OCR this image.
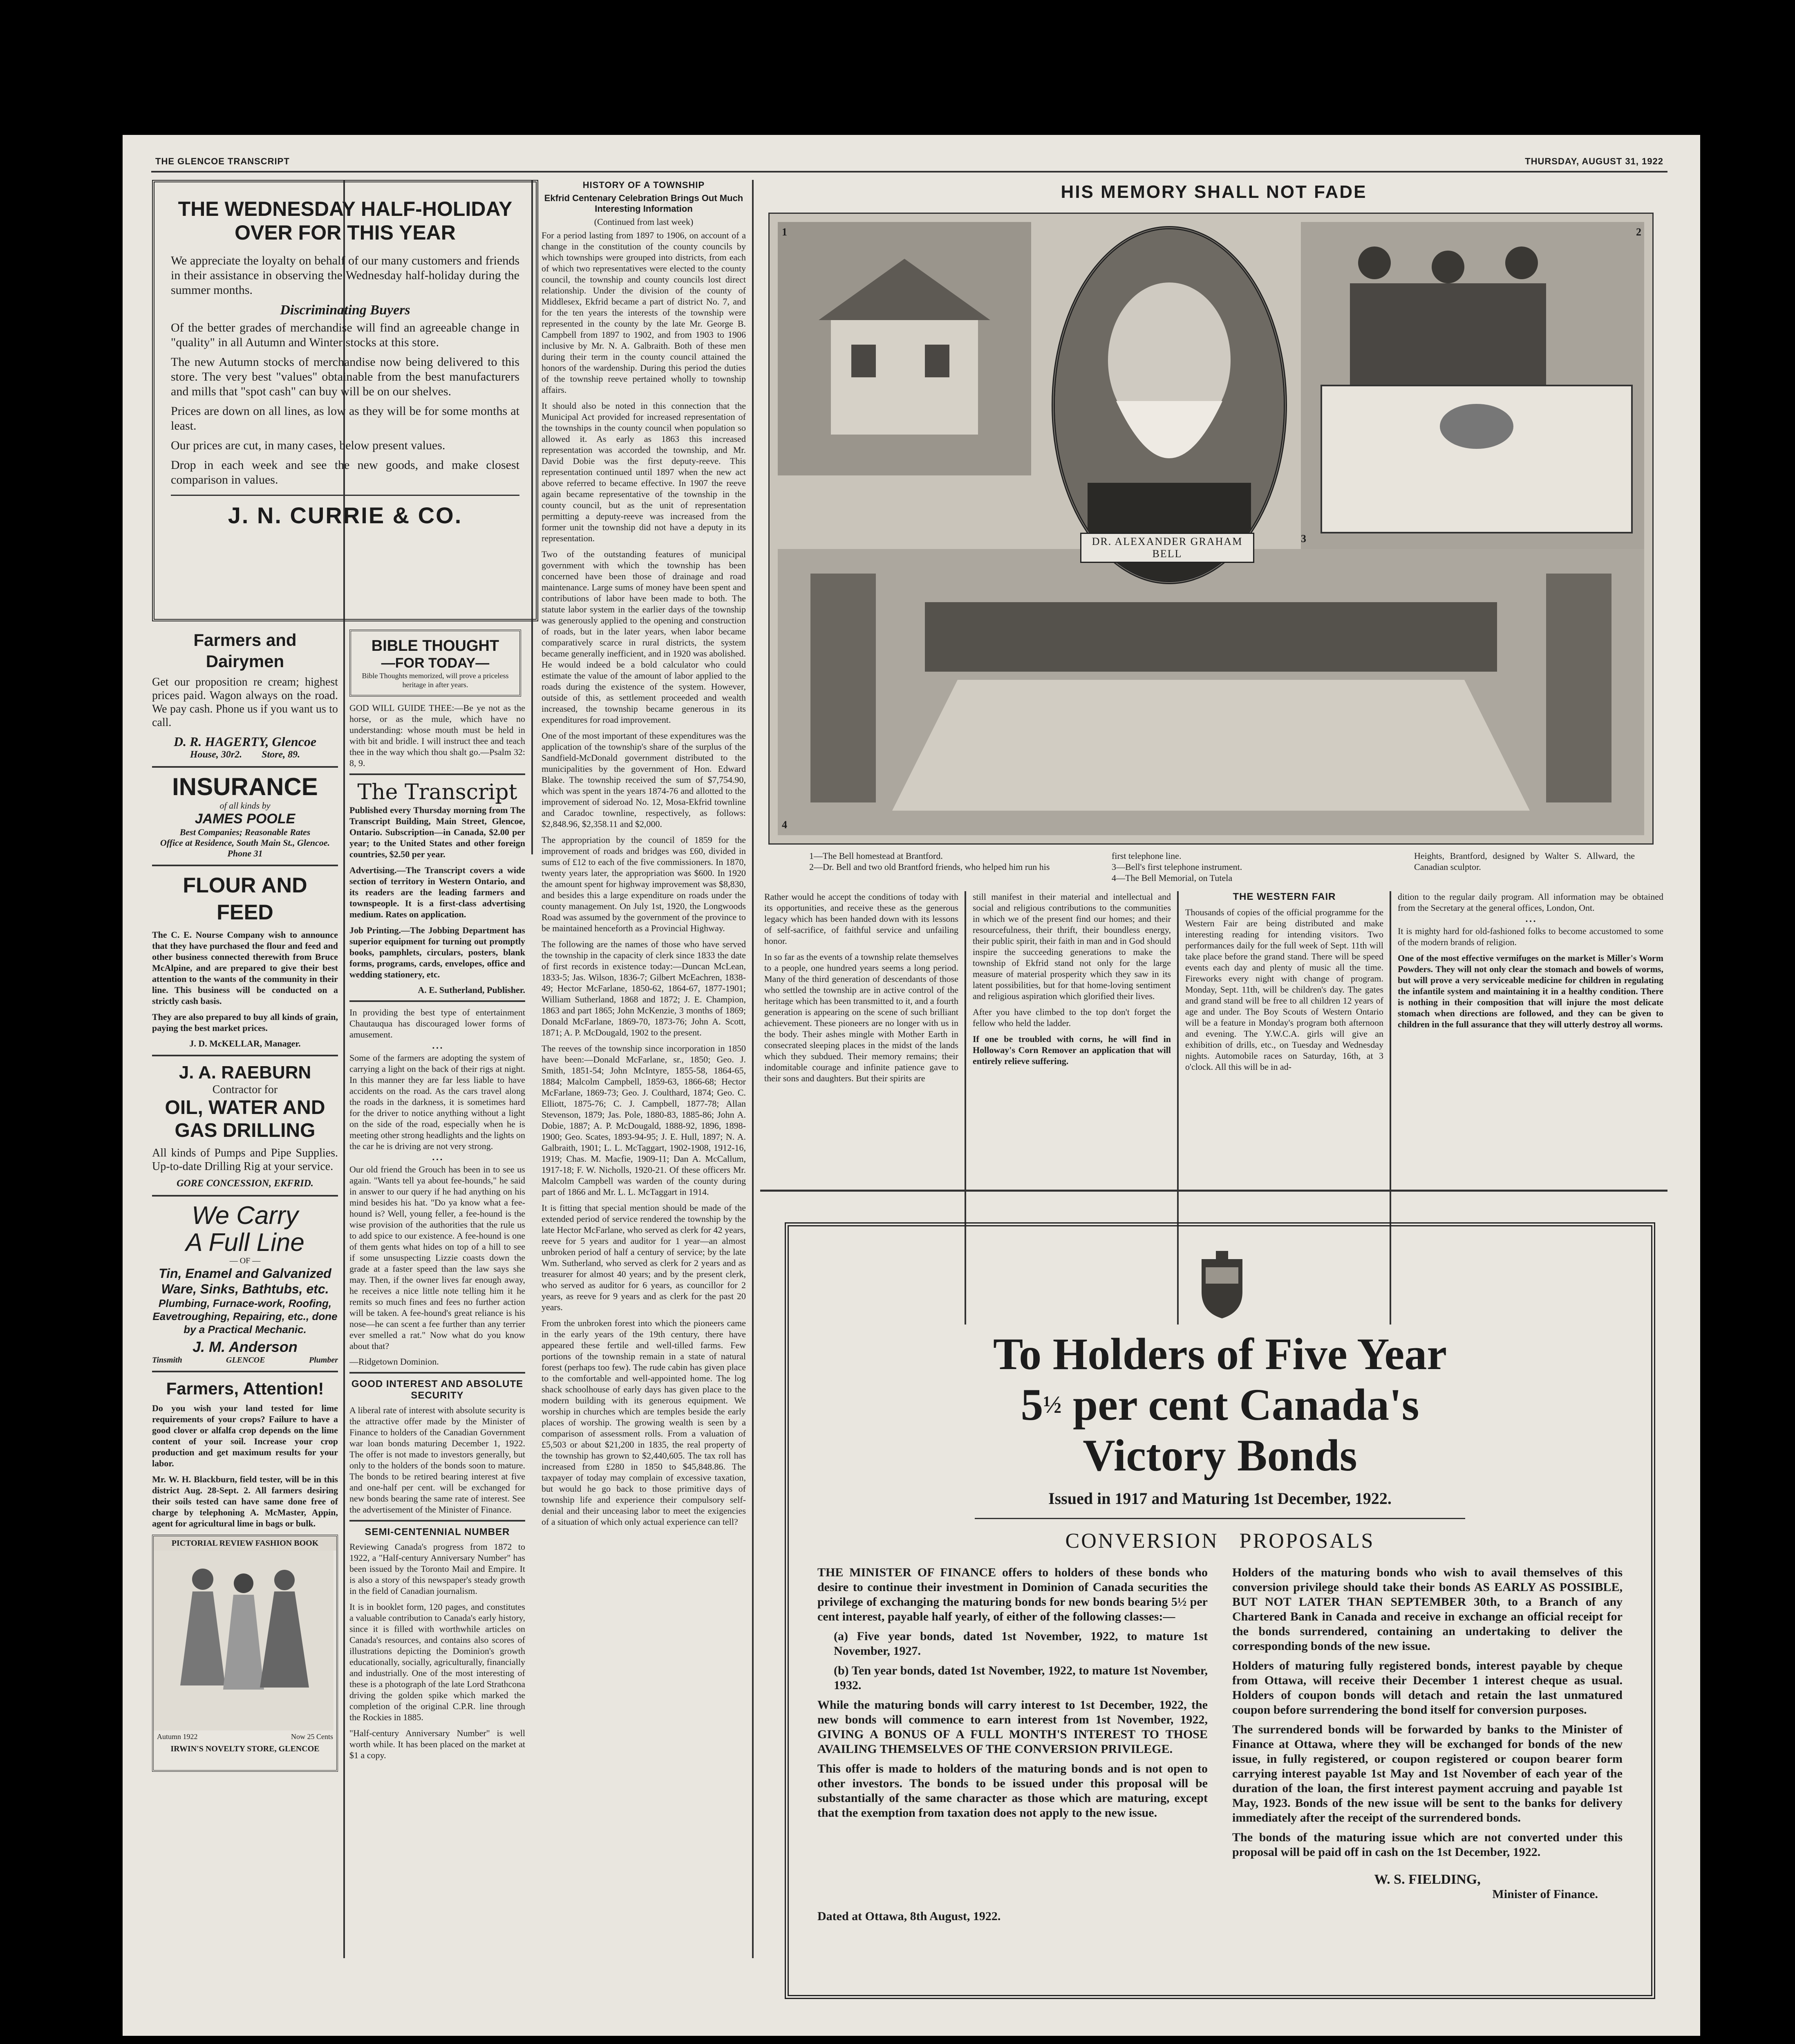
THE GLENCOE TRANSCRIPT	THURSDAY, AUGUST 31, 1922
THE WEDNESDAY HALF-HOLIDAY
OVER FOR THIS YEAR

We appreciate the loyalty on behalf of our many customers and friends in their assistance in observing the Wednesday half-holiday during the summer months.

Discriminating Buyers

Of the better grades of merchandise will find an agreeable change in "quality" in all Autumn and Winter stocks at this store.

The new Autumn stocks of merchandise now being delivered to this store. The very best "values" obtainable from the best manufacturers and mills that "spot cash" can buy will be on our shelves.

Prices are down on all lines, as low as they will be for some months at least.

Our prices are cut, in many cases, below present values.

Drop in each week and see the new goods, and make closest comparison in values.

J. N. CURRIE & CO.
Farmers and Dairymen

Get our proposition re cream; highest prices paid. Wagon always on the road. We pay cash. Phone us if you want us to call.

D. R. HAGERTY, Glencoe
House, 30r2.        Store, 89.
INSURANCE
of all kinds by
JAMES POOLE
Best Companies; Reasonable Rates
Office at Residence, South Main St., Glencoe. Phone 31
FLOUR AND FEED

The C. E. Nourse Company wish to announce that they have purchased the flour and feed and other business connected therewith from Bruce McAlpine, and are prepared to give their best attention to the wants of the community in their line. This business will be conducted on a strictly cash basis.

They are also prepared to buy all kinds of grain, paying the best market prices.

J. D. McKELLAR, Manager.
J. A. RAEBURN
Contractor for
OIL, WATER AND GAS DRILLING

All kinds of Pumps and Pipe Supplies. Up-to-date Drilling Rig at your service.

GORE CONCESSION, EKFRID.
We Carry
A Full Line
— OF —
Tin, Enamel and Galvanized Ware, Sinks, Bathtubs, etc.
Plumbing, Furnace-work, Roofing, Eavetroughing, Repairing, etc., done by a Practical Mechanic.
J. M. Anderson
Tinsmith	GLENCOE	Plumber
Farmers, Attention!

Do you wish your land tested for lime requirements of your crops? Failure to have a good clover or alfalfa crop depends on the lime content of your soil. Increase your crop production and get maximum results for your labor.

Mr. W. H. Blackburn, field tester, will be in this district Aug. 28-Sept. 2. All farmers desiring their soils tested can have same done free of charge by telephoning A. McMaster, Appin, agent for agricultural lime in bags or bulk.

PICTORIAL REVIEW FASHION BOOK
Autumn 1922	Now 25 Cents
IRWIN'S NOVELTY STORE, GLENCOE
BIBLE THOUGHT
—FOR TODAY—
Bible Thoughts memorized, will prove a priceless heritage in after years.

GOD WILL GUIDE THEE:—Be ye not as the horse, or as the mule, which have no understanding: whose mouth must be held in with bit and bridle. I will instruct thee and teach thee in the way which thou shalt go.—Psalm 32: 8, 9.

The Transcript

Published every Thursday morning from The Transcript Building, Main Street, Glencoe, Ontario. Subscription—in Canada, $2.00 per year; to the United States and other foreign countries, $2.50 per year.

Advertising.—The Transcript covers a wide section of territory in Western Ontario, and its readers are the leading farmers and townspeople. It is a first-class advertising medium. Rates on application.

Job Printing.—The Jobbing Department has superior equipment for turning out promptly books, pamphlets, circulars, posters, blank forms, programs, cards, envelopes, office and wedding stationery, etc.

A. E. Sutherland, Publisher.

In providing the best type of entertainment Chautauqua has discouraged lower forms of amusement.

• • •

Some of the farmers are adopting the system of carrying a light on the back of their rigs at night. In this manner they are far less liable to have accidents on the road. As the cars travel along the roads in the darkness, it is sometimes hard for the driver to notice anything without a light on the side of the road, especially when he is meeting other strong headlights and the lights on the car he is driving are not very strong.

• • •

Our old friend the Grouch has been in to see us again. "Wants tell ya about fee-hounds," he said in answer to our query if he had anything on his mind besides his hat. "Do ya know what a fee-hound is? Well, young feller, a fee-hound is the wise provision of the authorities that the rule us to add spice to our existence. A fee-hound is one of them gents what hides on top of a hill to see if some unsuspecting Lizzie coasts down the grade at a faster speed than the law says she may. Then, if the owner lives far enough away, he receives a nice little note telling him it he remits so much fines and fees no further action will be taken. A fee-hound's great reliance is his nose—he can scent a fee further than any terrier ever smelled a rat." Now what do you know about that?

—Ridgetown Dominion.
GOOD INTEREST AND ABSOLUTE SECURITY

A liberal rate of interest with absolute security is the attractive offer made by the Minister of Finance to holders of the Canadian Government war loan bonds maturing December 1, 1922. The offer is not made to investors generally, but only to the holders of the bonds soon to mature. The bonds to be retired bearing interest at five and one-half per cent. will be exchanged for new bonds bearing the same rate of interest. See the advertisement of the Minister of Finance.

SEMI-CENTENNIAL NUMBER

Reviewing Canada's progress from 1872 to 1922, a "Half-century Anniversary Number" has been issued by the Toronto Mail and Empire. It is also a story of this newspaper's steady growth in the field of Canadian journalism.

It is in booklet form, 120 pages, and constitutes a valuable contribution to Canada's early history, since it is filled with worthwhile articles on Canada's resources, and contains also scores of illustrations depicting the Dominion's growth educationally, socially, agriculturally, financially and industrially. One of the most interesting of these is a photograph of the late Lord Strathcona driving the golden spike which marked the completion of the original C.P.R. line through the Rockies in 1885.

"Half-century Anniversary Number" is well worth while. It has been placed on the market at $1 a copy.

HISTORY OF A TOWNSHIP
Ekfrid Centenary Celebration Brings Out Much Interesting Information
(Continued from last week)

For a period lasting from 1897 to 1906, on account of a change in the constitution of the county councils by which townships were grouped into districts, from each of which two representatives were elected to the county council, the township and county councils lost direct relationship. Under the division of the county of Middlesex, Ekfrid became a part of district No. 7, and for the ten years the interests of the township were represented in the county by the late Mr. George B. Campbell from 1897 to 1902, and from 1903 to 1906 inclusive by Mr. N. A. Galbraith. Both of these men during their term in the county council attained the honors of the wardenship. During this period the duties of the township reeve pertained wholly to township affairs.

It should also be noted in this connection that the Municipal Act provided for increased representation of the townships in the county council when population so allowed it. As early as 1863 this increased representation was accorded the township, and Mr. David Dobie was the first deputy-reeve. This representation continued until 1897 when the new act above referred to became effective. In 1907 the reeve again became representative of the township in the county council, but as the unit of representation permitting a deputy-reeve was increased from the former unit the township did not have a deputy in its representation.

Two of the outstanding features of municipal government with which the township has been concerned have been those of drainage and road maintenance. Large sums of money have been spent and contributions of labor have been made to both. The statute labor system in the earlier days of the township was generously applied to the opening and construction of roads, but in the later years, when labor became comparatively scarce in rural districts, the system became generally inefficient, and in 1920 was abolished. He would indeed be a bold calculator who could estimate the value of the amount of labor applied to the roads during the existence of the system. However, outside of this, as settlement proceeded and wealth increased, the township became generous in its expenditures for road improvement.

One of the most important of these expenditures was the application of the township's share of the surplus of the Sandfield-McDonald government distributed to the municipalities by the government of Hon. Edward Blake. The township received the sum of $7,754.90, which was spent in the years 1874-76 and allotted to the improvement of sideroad No. 12, Mosa-Ekfrid townline and Caradoc townline, respectively, as follows: $2,848.96, $2,358.11 and $2,000.

The appropriation by the council of 1859 for the improvement of roads and bridges was £60, divided in sums of £12 to each of the five commissioners. In 1870, twenty years later, the appropriation was $600. In 1920 the amount spent for highway improvement was $8,830, and besides this a large expenditure on roads under the county management. On July 1st, 1920, the Longwoods Road was assumed by the government of the province to be maintained henceforth as a Provincial Highway.

The following are the names of those who have served the township in the capacity of clerk since 1833 the date of first records in existence today:—Duncan McLean, 1833-5; Jas. Wilson, 1836-7; Gilbert McEachren, 1838-49; Hector McFarlane, 1850-62, 1864-67, 1877-1901; William Sutherland, 1868 and 1872; J. E. Champion, 1863 and part 1865; John McKenzie, 3 months of 1869; Donald McFarlane, 1869-70, 1873-76; John A. Scott, 1871; A. P. McDougald, 1902 to the present.

The reeves of the township since incorporation in 1850 have been:—Donald McFarlane, sr., 1850; Geo. J. Smith, 1851-54; John McIntyre, 1855-58, 1864-65, 1884; Malcolm Campbell, 1859-63, 1866-68; Hector McFarlane, 1869-73; Geo. J. Coulthard, 1874; Geo. C. Elliott, 1875-76; C. J. Campbell, 1877-78; Allan Stevenson, 1879; Jas. Pole, 1880-83, 1885-86; John A. Dobie, 1887; A. P. McDougald, 1888-92, 1896, 1898-1900; Geo. Scates, 1893-94-95; J. E. Hull, 1897; N. A. Galbraith, 1901; L. L. McTaggart, 1902-1908, 1912-16, 1919; Chas. M. Macfie, 1909-11; Dan A. McCallum, 1917-18; F. W. Nicholls, 1920-21. Of these officers Mr. Malcolm Campbell was warden of the county during part of 1866 and Mr. L. L. McTaggart in 1914.

It is fitting that special mention should be made of the extended period of service rendered the township by the late Hector McFarlane, who served as clerk for 42 years, reeve for 5 years and auditor for 1 year—an almost unbroken period of half a century of service; by the late Wm. Sutherland, who served as clerk for 2 years and as treasurer for almost 40 years; and by the present clerk, who served as auditor for 6 years, as councillor for 2 years, as reeve for 9 years and as clerk for the past 20 years.

From the unbroken forest into which the pioneers came in the early years of the 19th century, there have appeared these fertile and well-tilled farms. Few portions of the township remain in a state of natural forest (perhaps too few). The rude cabin has given place to the comfortable and well-appointed home. The log shack schoolhouse of early days has given place to the modern building with its generous equipment. We worship in churches which are temples beside the early places of worship. The growing wealth is seen by a comparison of assessment rolls. From a valuation of £5,503 or about $21,200 in 1835, the real property of the township has grown to $2,440,605. The tax roll has increased from £280 in 1850 to $45,848.86. The taxpayer of today may complain of excessive taxation, but would he go back to those primitive days of township life and experience their compulsory self-denial and their unceasing labor to meet the exigencies of a situation of which only actual experience can tell?

HIS MEMORY SHALL NOT FADE
DR. ALEXANDER GRAHAM BELL
2
3
1
4
1—The Bell homestead at Brantford.
2—Dr. Bell and two old Brantford friends, who helped him run his
first telephone line.
3—Bell's first telephone instrument.
4—The Bell Memorial, on Tutela
Heights, Brantford, designed by Walter S. Allward, the Canadian sculptor.

Rather would he accept the conditions of today with its opportunities, and receive these as the generous legacy which has been handed down with its lessons of self-sacrifice, of faithful service and unfailing honor.

In so far as the events of a township relate themselves to a people, one hundred years seems a long period. Many of the third generation of descendants of those who settled the township are in active control of the heritage which has been transmitted to it, and a fourth generation is appearing on the scene of such brilliant achievement. These pioneers are no longer with us in the body. Their ashes mingle with Mother Earth in consecrated sleeping places in the midst of the lands which they subdued. Their memory remains; their indomitable courage and infinite patience gave to their sons and daughters. But their spirits are

still manifest in their material and intellectual and social and religious contributions to the communities in which we of the present find our homes; and their resourcefulness, their thrift, their boundless energy, their public spirit, their faith in man and in God should inspire the succeeding generations to make the township of Ekfrid stand not only for the large measure of material prosperity which they saw in its latent possibilities, but for that home-loving sentiment and religious aspiration which glorified their lives.

After you have climbed to the top don't forget the fellow who held the ladder.

If one be troubled with corns, he will find in Holloway's Corn Remover an application that will entirely relieve suffering.

THE WESTERN FAIR

Thousands of copies of the official programme for the Western Fair are being distributed and make interesting reading for intending visitors. Two performances daily for the full week of Sept. 11th will take place before the grand stand. There will be speed events each day and plenty of music all the time. Fireworks every night with change of program. Monday, Sept. 11th, will be children's day. The gates and grand stand will be free to all children 12 years of age and under. The Boy Scouts of Western Ontario will be a feature in Monday's program both afternoon and evening. The Y.W.C.A. girls will give an exhibition of drills, etc., on Tuesday and Wednesday nights. Automobile races on Saturday, 16th, at 3 o'clock. All this will be in ad-

dition to the regular daily program. All information may be obtained from the Secretary at the general offices, London, Ont.

• • •

It is mighty hard for old-fashioned folks to become accustomed to some of the modern brands of religion.

One of the most effective vermifuges on the market is Miller's Worm Powders. They will not only clear the stomach and bowels of worms, but will prove a very serviceable medicine for children in regulating the infantile system and maintaining it in a healthy condition. There is nothing in their composition that will injure the most delicate stomach when directions are followed, and they can be given to children in the full assurance that they will utterly destroy all worms.

To Holders of Five Year
$5^{\frac{1}{2}}$ per cent Canada's
Victory Bonds
Issued in 1917 and Maturing 1st December, 1922.
CONVERSION   PROPOSALS

THE MINISTER OF FINANCE offers to holders of these bonds who desire to continue their investment in Dominion of Canada securities the privilege of exchanging the maturing bonds for new bonds bearing 5½ per cent interest, payable half yearly, of either of the following classes:—

(a) Five year bonds, dated 1st November, 1922, to mature 1st November, 1927.

(b) Ten year bonds, dated 1st November, 1922, to mature 1st November, 1932.

While the maturing bonds will carry interest to 1st December, 1922, the new bonds will commence to earn interest from 1st November, 1922, GIVING A BONUS OF A FULL MONTH'S INTEREST TO THOSE AVAILING THEMSELVES OF THE CONVERSION PRIVILEGE.

This offer is made to holders of the maturing bonds and is not open to other investors. The bonds to be issued under this proposal will be substantially of the same character as those which are maturing, except that the exemption from taxation does not apply to the new issue.

Holders of the maturing bonds who wish to avail themselves of this conversion privilege should take their bonds AS EARLY AS POSSIBLE, BUT NOT LATER THAN SEPTEMBER 30th, to a Branch of any Chartered Bank in Canada and receive in exchange an official receipt for the bonds surrendered, containing an undertaking to deliver the corresponding bonds of the new issue.

Holders of maturing fully registered bonds, interest payable by cheque from Ottawa, will receive their December 1 interest cheque as usual. Holders of coupon bonds will detach and retain the last unmatured coupon before surrendering the bond itself for conversion purposes.

The surrendered bonds will be forwarded by banks to the Minister of Finance at Ottawa, where they will be exchanged for bonds of the new issue, in fully registered, or coupon registered or coupon bearer form carrying interest payable 1st May and 1st November of each year of the duration of the loan, the first interest payment accruing and payable 1st May, 1923. Bonds of the new issue will be sent to the banks for delivery immediately after the receipt of the surrendered bonds.

The bonds of the maturing issue which are not converted under this proposal will be paid off in cash on the 1st December, 1922.

W. S. FIELDING,
Minister of Finance.
Dated at Ottawa, 8th August, 1922.
